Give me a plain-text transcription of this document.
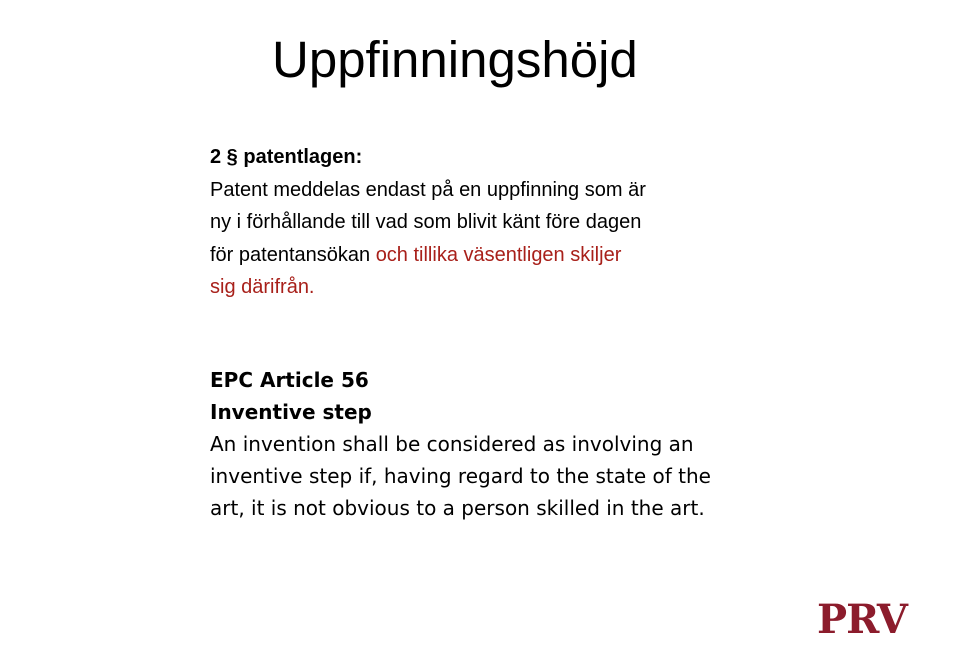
Uppfinningshöjd
2 § patentlagen:
Patent meddelas endast på en uppfinning som är
ny i förhållande till vad som blivit känt före dagen
för patentansökan och tillika väsentligen skiljer
sig därifrån.
EPC Article 56
Inventive step
An invention shall be considered as involving an
inventive step if, having regard to the state of the
art, it is not obvious to a person skilled in the art.
PRV
